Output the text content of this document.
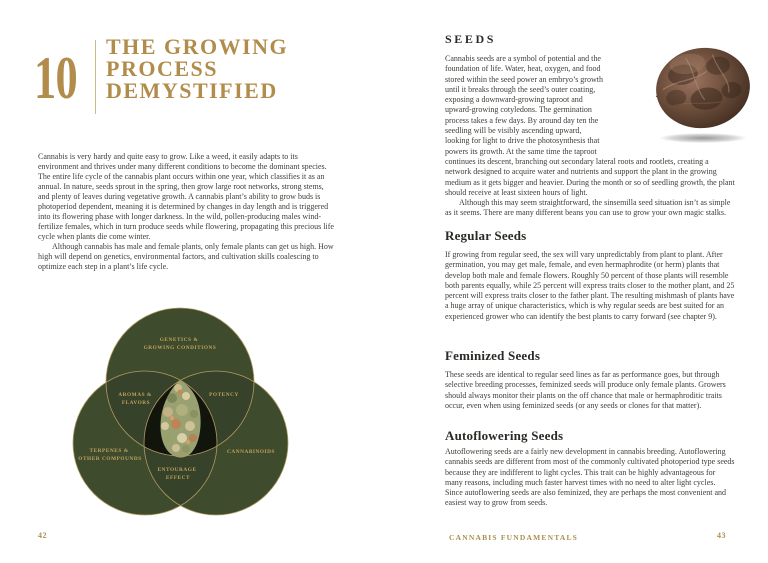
10 THE GROWING
PROCESS
DEMYSTIFIED

Cannabis is very hardy and quite easy to grow. Like a weed, it easily adapts to its environment and thrives under many different conditions to become the dominant species. The entire life cycle of the cannabis plant occurs within one year, which classifies it as an annual. In nature, seeds sprout in the spring, then grow large root networks, strong stems, and plenty of leaves during vegetative growth. A cannabis plant’s ability to grow buds is photoperiod dependent, meaning it is determined by changes in day length and is triggered into its flowering phase with longer darkness. In the wild, pollen-producing males wind-fertilize females, which in turn produce seeds while flowering, propagating this precious life cycle when plants die come winter.

Although cannabis has male and female plants, only female plants can get us high. How high will depend on genetics, environmental factors, and cultivation skills coalescing to optimize each step in a plant’s life cycle.

GENETICS & GROWING CONDITIONS
AROMAS & FLAVORS
POTENCY
TERPENES & OTHER COMPOUNDS
CANNABINOIDS
ENTOURAGE EFFECT
42
SEEDS

Cannabis seeds are a symbol of potential and the foundation of life. Water, heat, oxygen, and food stored within the seed power an embryo’s growth until it breaks through the seed’s outer coating, exposing a downward-growing taproot and upward-growing cotyledons. The germination process takes a few days. By around day ten the seedling will be visibly ascending upward, looking for light to drive the photosynthesis that powers its growth. At the same time the taproot continues its descent, branching out secondary lateral roots and rootlets, creating a network designed to acquire water and nutrients and support the plant in the growing medium as it gets bigger and heavier. During the month or so of seedling growth, the plant should receive at least sixteen hours of light.

Although this may seem straightforward, the sinsemilla seed situation isn’t as simple as it seems. There are many different beans you can use to grow your own magic stalks.

Regular Seeds

If growing from regular seed, the sex will vary unpredictably from plant to plant. After germination, you may get male, female, and even hermaphrodite (or herm) plants that develop both male and female flowers. Roughly 50 percent of those plants will resemble both parents equally, while 25 percent will express traits closer to the mother plant, and 25 percent will express traits closer to the father plant. The resulting mishmash of plants have a huge array of unique characteristics, which is why regular seeds are best suited for an experienced grower who can identify the best plants to carry forward (see chapter 9).

Feminized Seeds

These seeds are identical to regular seed lines as far as performance goes, but through selective breeding processes, feminized seeds will produce only female plants. Growers should always monitor their plants on the off chance that male or hermaphroditic traits occur, even when using feminized seeds (or any seeds or clones for that matter).

Autoflowering Seeds

Autoflowering seeds are a fairly new development in cannabis breeding. Autoflowering cannabis seeds are different from most of the commonly cultivated photoperiod type seeds because they are indifferent to light cycles. This trait can be highly advantageous for many reasons, including much faster harvest times with no need to alter light cycles. Since autoflowering seeds are also feminized, they are perhaps the most convenient and easiest way to grow from seeds.

CANNABIS FUNDAMENTALS	43
